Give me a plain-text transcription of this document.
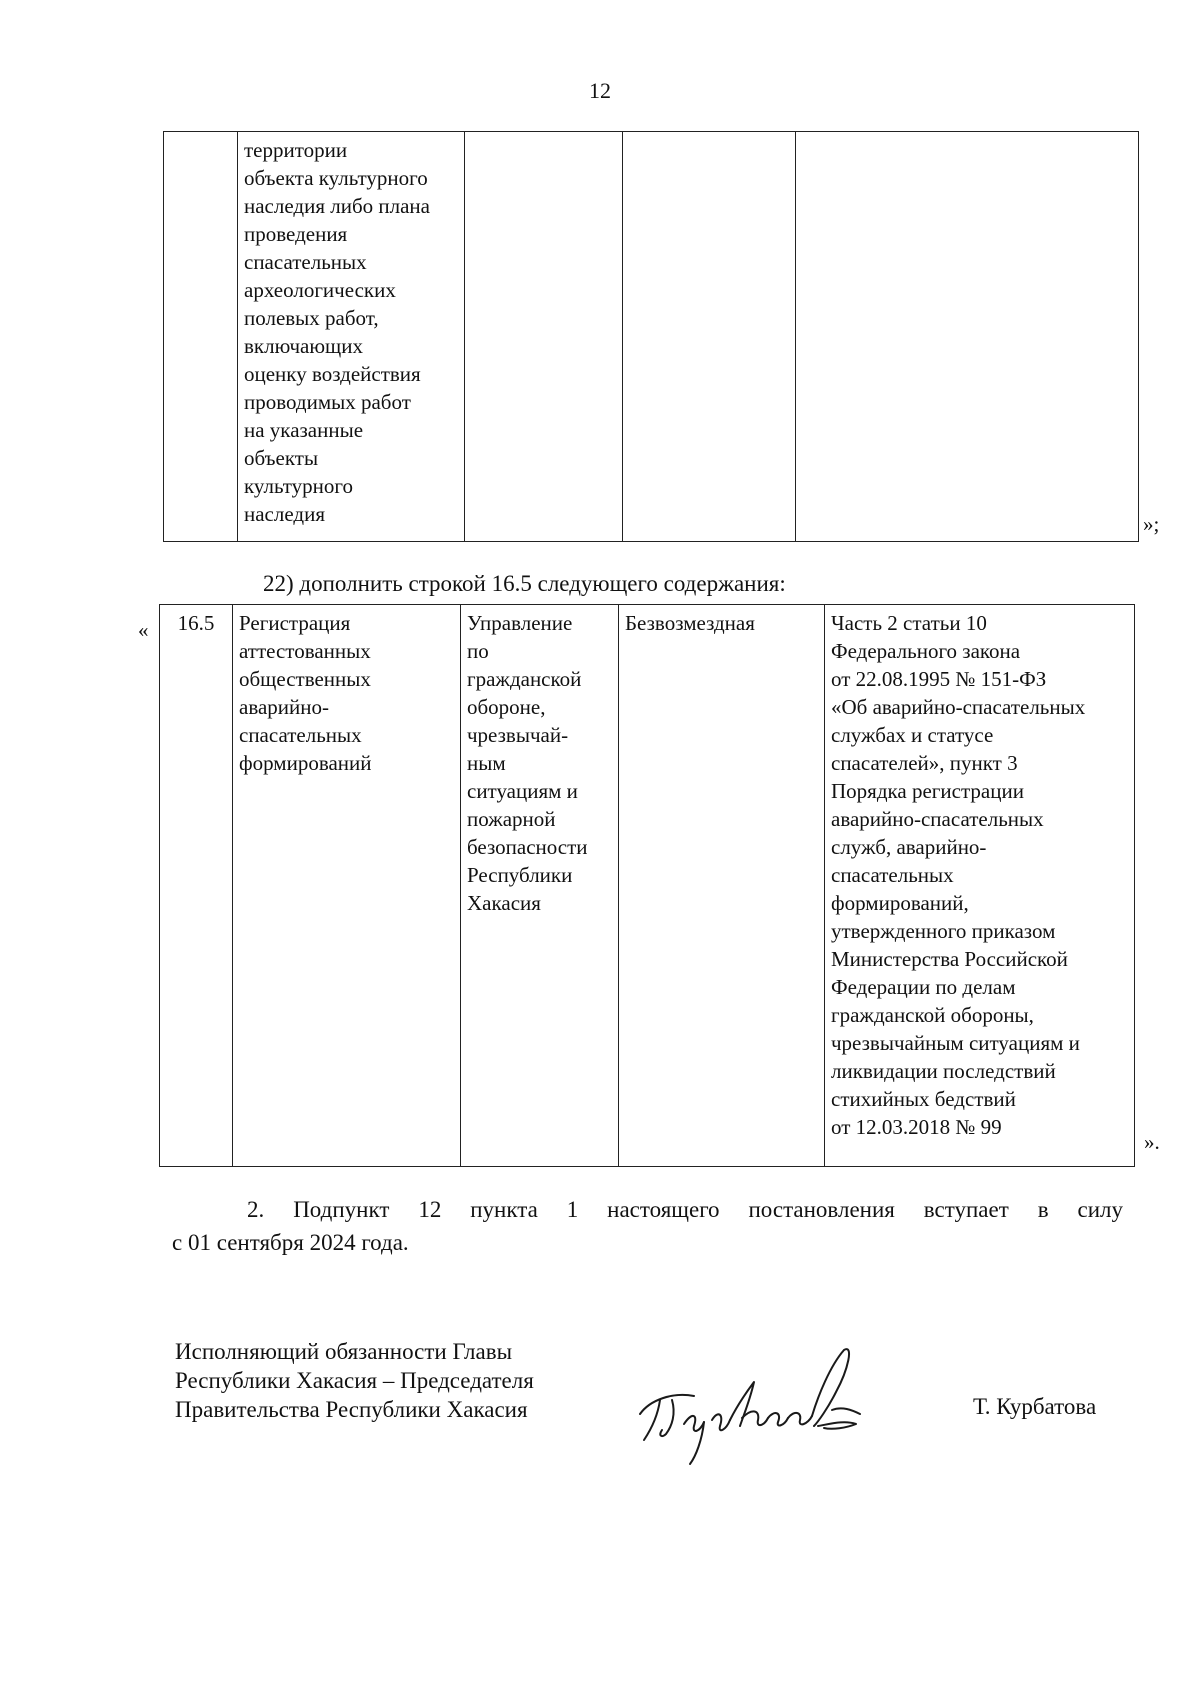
12
	территории
объекта культурного
наследия либо плана
проведения
спасательных
археологических
полевых работ,
включающих
оценку воздействия
проводимых работ
на указанные
объекты
культурного
наследия				»;
22) дополнить строкой 16.5 следующего содержания:
« 16.5	Регистрация
аттестованных
общественных
аварийно-
спасательных
формирований	Управление
по
гражданской
обороне,
чрезвычай-
ным
ситуациям и
пожарной
безопасности
Республики
Хакасия	Безвозмездная	Часть 2 статьи 10
Федерального закона
от 22.08.1995 № 151-ФЗ
«Об аварийно-спасательных
службах и статусе
спасателей», пункт 3
Порядка регистрации
аварийно-спасательных
служб, аварийно-
спасательных
формирований,
утвержденного приказом
Министерства Российской
Федерации по делам
гражданской обороны,
чрезвычайным ситуациям и
ликвидации последствий
стихийных бедствий
от 12.03.2018 № 99
».
2. Подпункт 12 пункта 1 настоящего постановления вступает в силу
с 01 сентября 2024 года.
Исполняющий обязанности Главы
Республики Хакасия – Председателя
Правительства Республики Хакасия	Т. Курбатова
